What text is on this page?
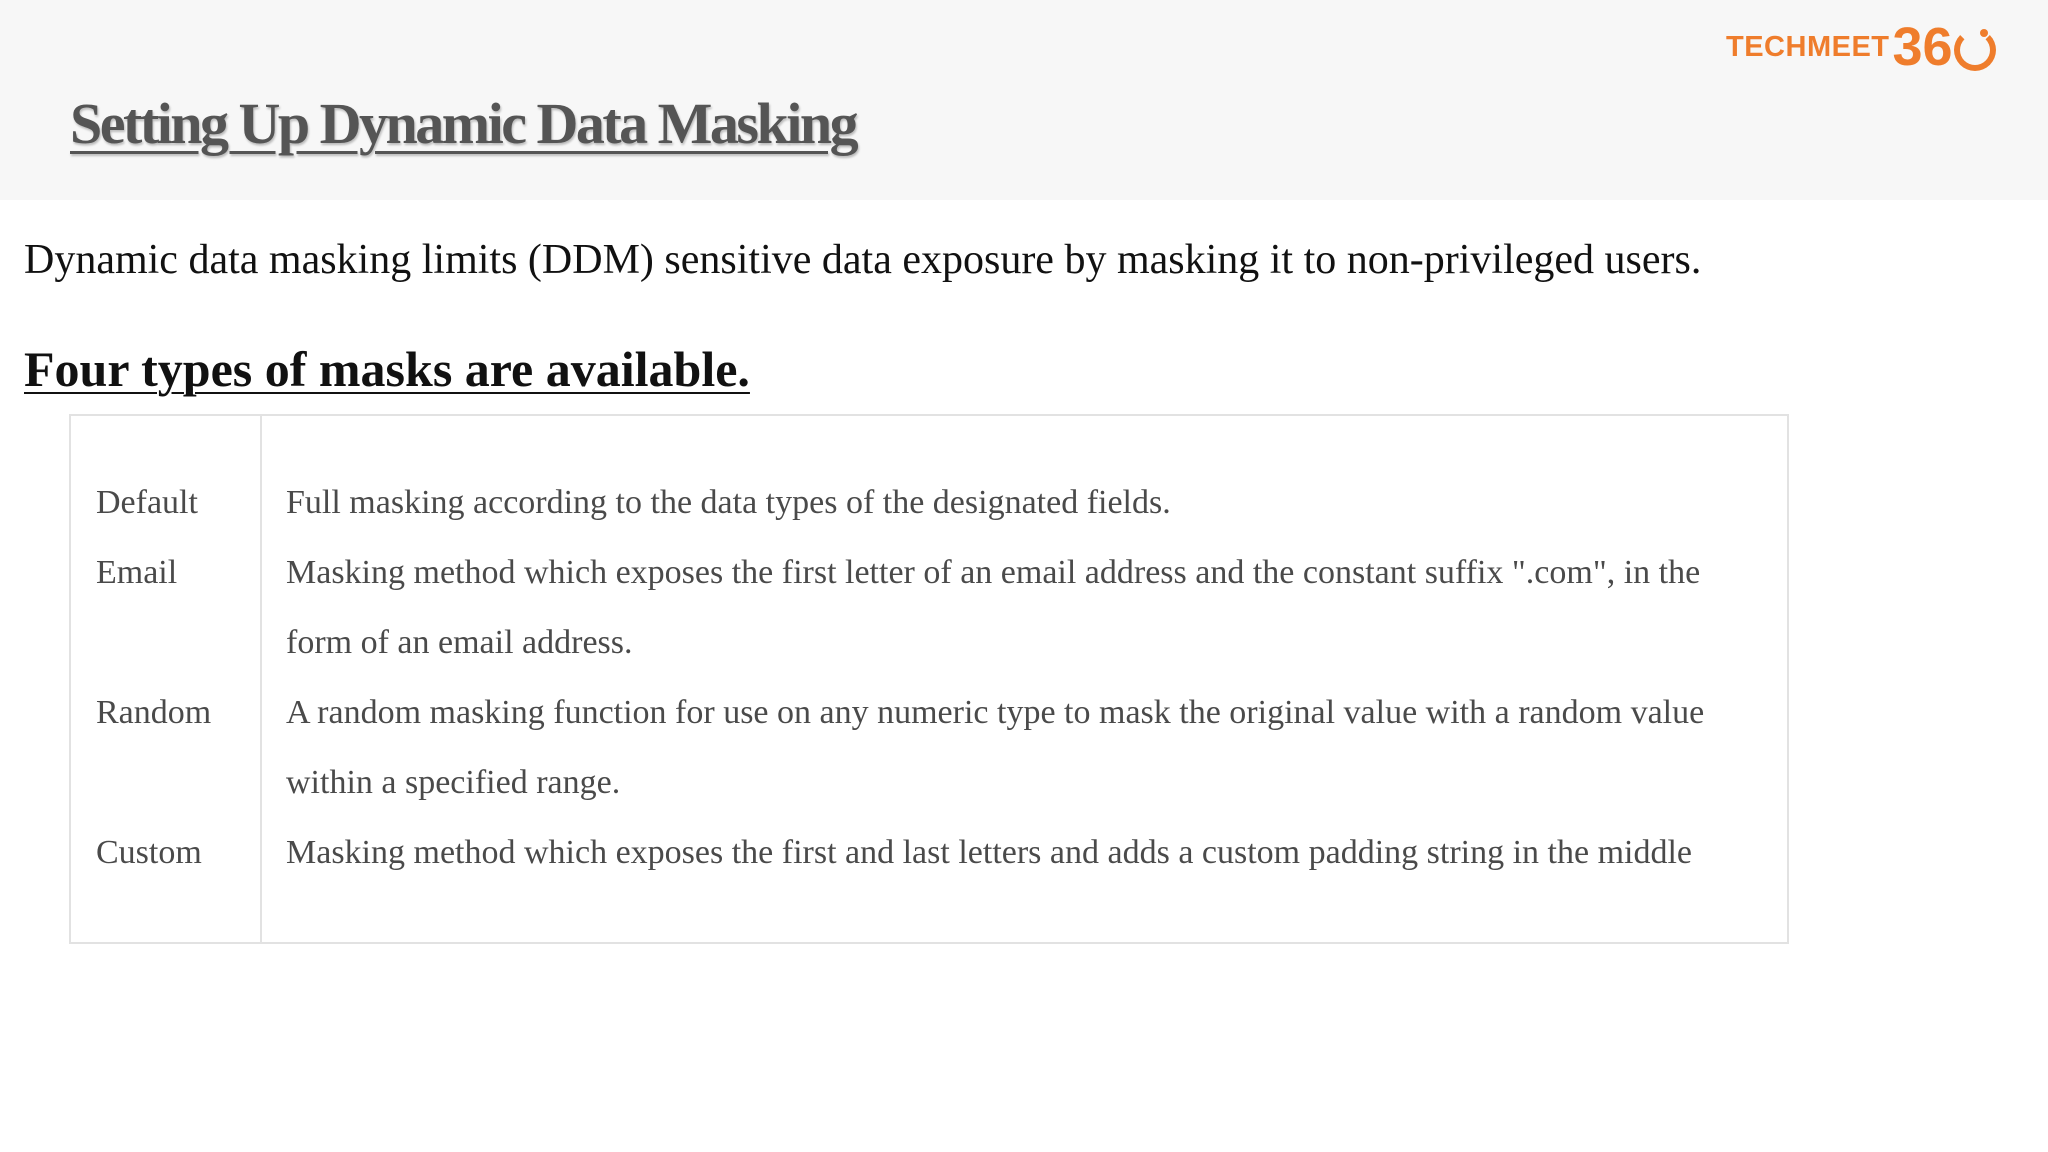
Setting Up Dynamic Data Masking
TECHMEET 36

Dynamic data masking limits (DDM) sensitive data exposure by masking it to non-privileged users.

Four types of masks are available.
Default	Full masking according to the data types of the designated fields.
Email	Masking method which exposes the first letter of an email address and the constant suffix ".com", in the form of an email address.
Random A random masking function for use on any numeric type to mask the original value with a random value within a specified range.
Custom Masking method which exposes the first and last letters and adds a custom padding string in the middle
